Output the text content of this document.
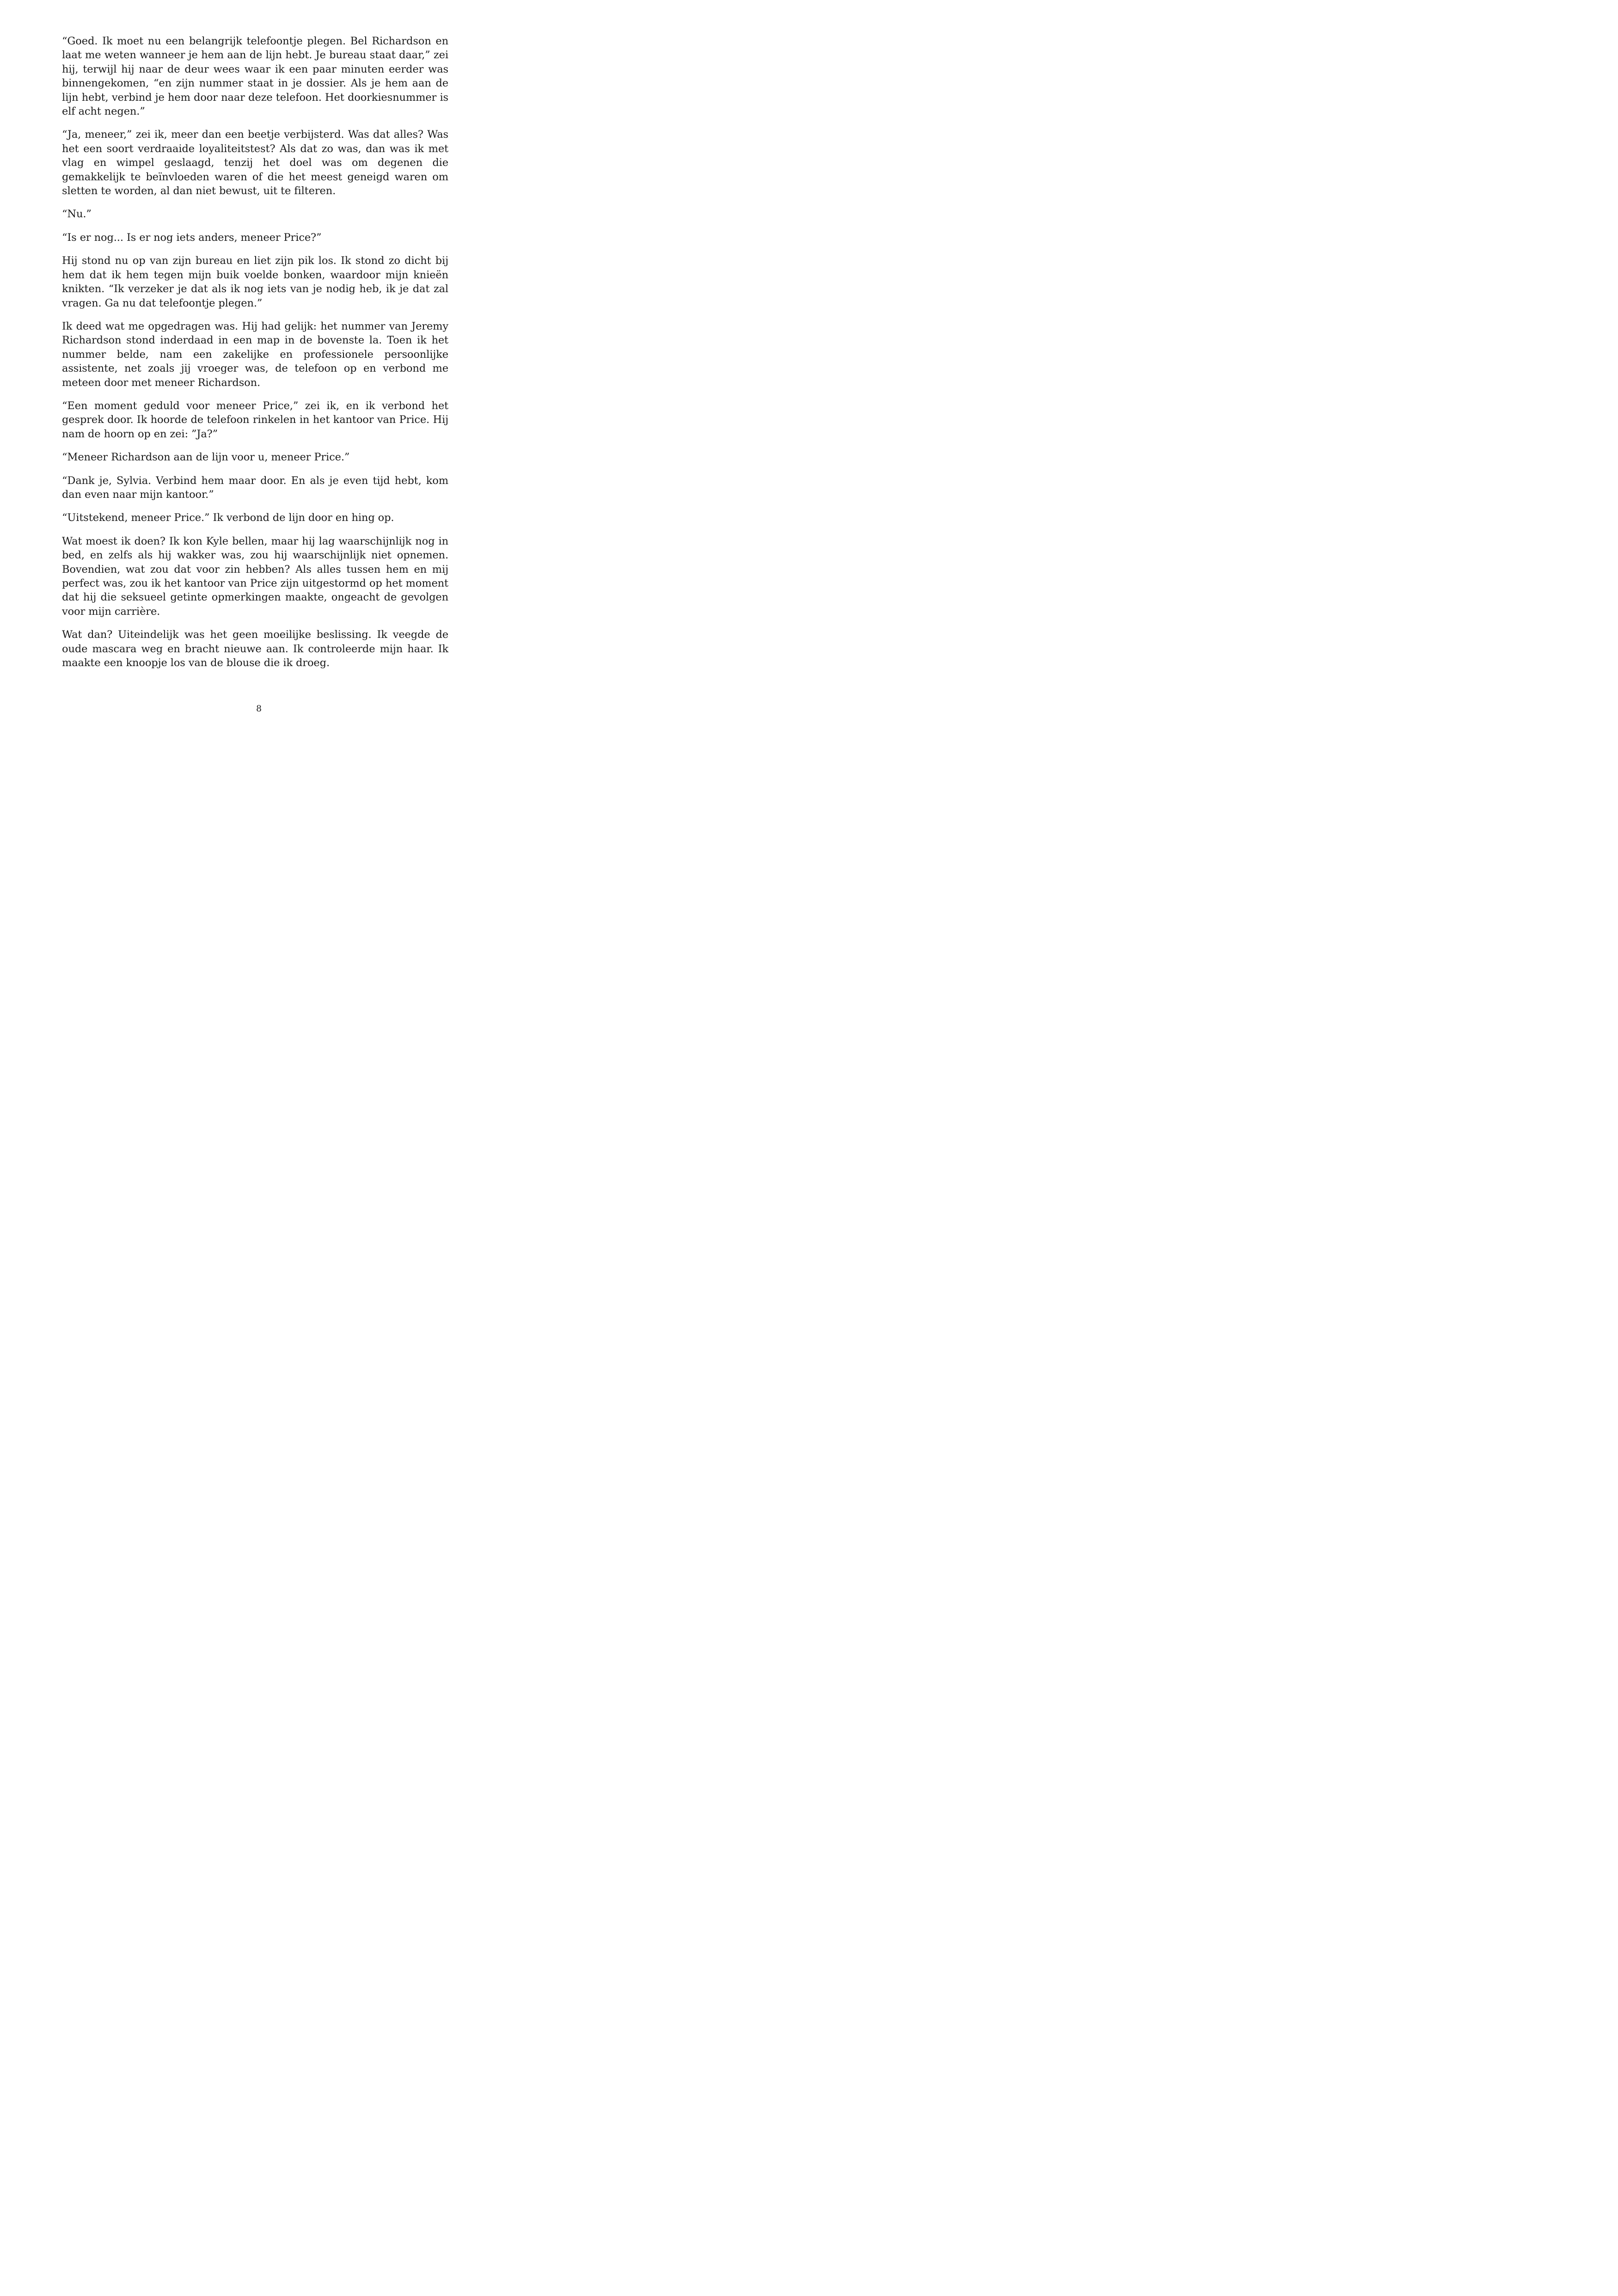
“Goed. Ik moet nu een belangrijk telefoontje plegen. Bel Richardson en laat me weten wanneer je hem aan de lijn hebt. Je bureau staat daar,” zei hij, terwijl hij naar de deur wees waar ik een paar minuten eerder was binnengekomen, “en zijn nummer staat in je dossier. Als je hem aan de lijn hebt, verbind je hem door naar deze telefoon. Het doorkiesnummer is elf acht negen.”

“Ja, meneer,” zei ik, meer dan een beetje verbijsterd. Was dat alles? Was het een soort verdraaide loyaliteitstest? Als dat zo was, dan was ik met vlag en wimpel geslaagd, tenzij het doel was om degenen die gemakkelijk te beïnvloeden waren of die het meest geneigd waren om sletten te worden, al dan niet bewust, uit te filteren.

“Nu.”

“Is er nog... Is er nog iets anders, meneer Price?”

Hij stond nu op van zijn bureau en liet zijn pik los. Ik stond zo dicht bij hem dat ik hem tegen mijn buik voelde bonken, waardoor mijn knieën knikten. “Ik verzeker je dat als ik nog iets van je nodig heb, ik je dat zal vragen. Ga nu dat telefoontje plegen.”

Ik deed wat me opgedragen was. Hij had gelijk: het nummer van Jeremy Richardson stond inderdaad in een map in de bovenste la. Toen ik het nummer belde, nam een zakelijke en professionele persoonlijke assistente, net zoals jij vroeger was, de telefoon op en verbond me meteen door met meneer Richardson.

“Een moment geduld voor meneer Price,” zei ik, en ik verbond het gesprek door. Ik hoorde de telefoon rinkelen in het kantoor van Price. Hij nam de hoorn op en zei: ”Ja?”

“Meneer Richardson aan de lijn voor u, meneer Price.”

“Dank je, Sylvia. Verbind hem maar door. En als je even tijd hebt, kom dan even naar mijn kantoor.”

“Uitstekend, meneer Price.” Ik verbond de lijn door en hing op.

Wat moest ik doen? Ik kon Kyle bellen, maar hij lag waarschijnlijk nog in bed, en zelfs als hij wakker was, zou hij waarschijnlijk niet opnemen. Bovendien, wat zou dat voor zin hebben? Als alles tussen hem en mij perfect was, zou ik het kantoor van Price zijn uitgestormd op het moment dat hij die seksueel getinte opmerkingen maakte, ongeacht de gevolgen voor mijn carrière.

Wat dan? Uiteindelijk was het geen moeilijke beslissing. Ik veegde de oude mascara weg en bracht nieuwe aan. Ik controleerde mijn haar. Ik maakte een knoopje los van de blouse die ik droeg.

8
